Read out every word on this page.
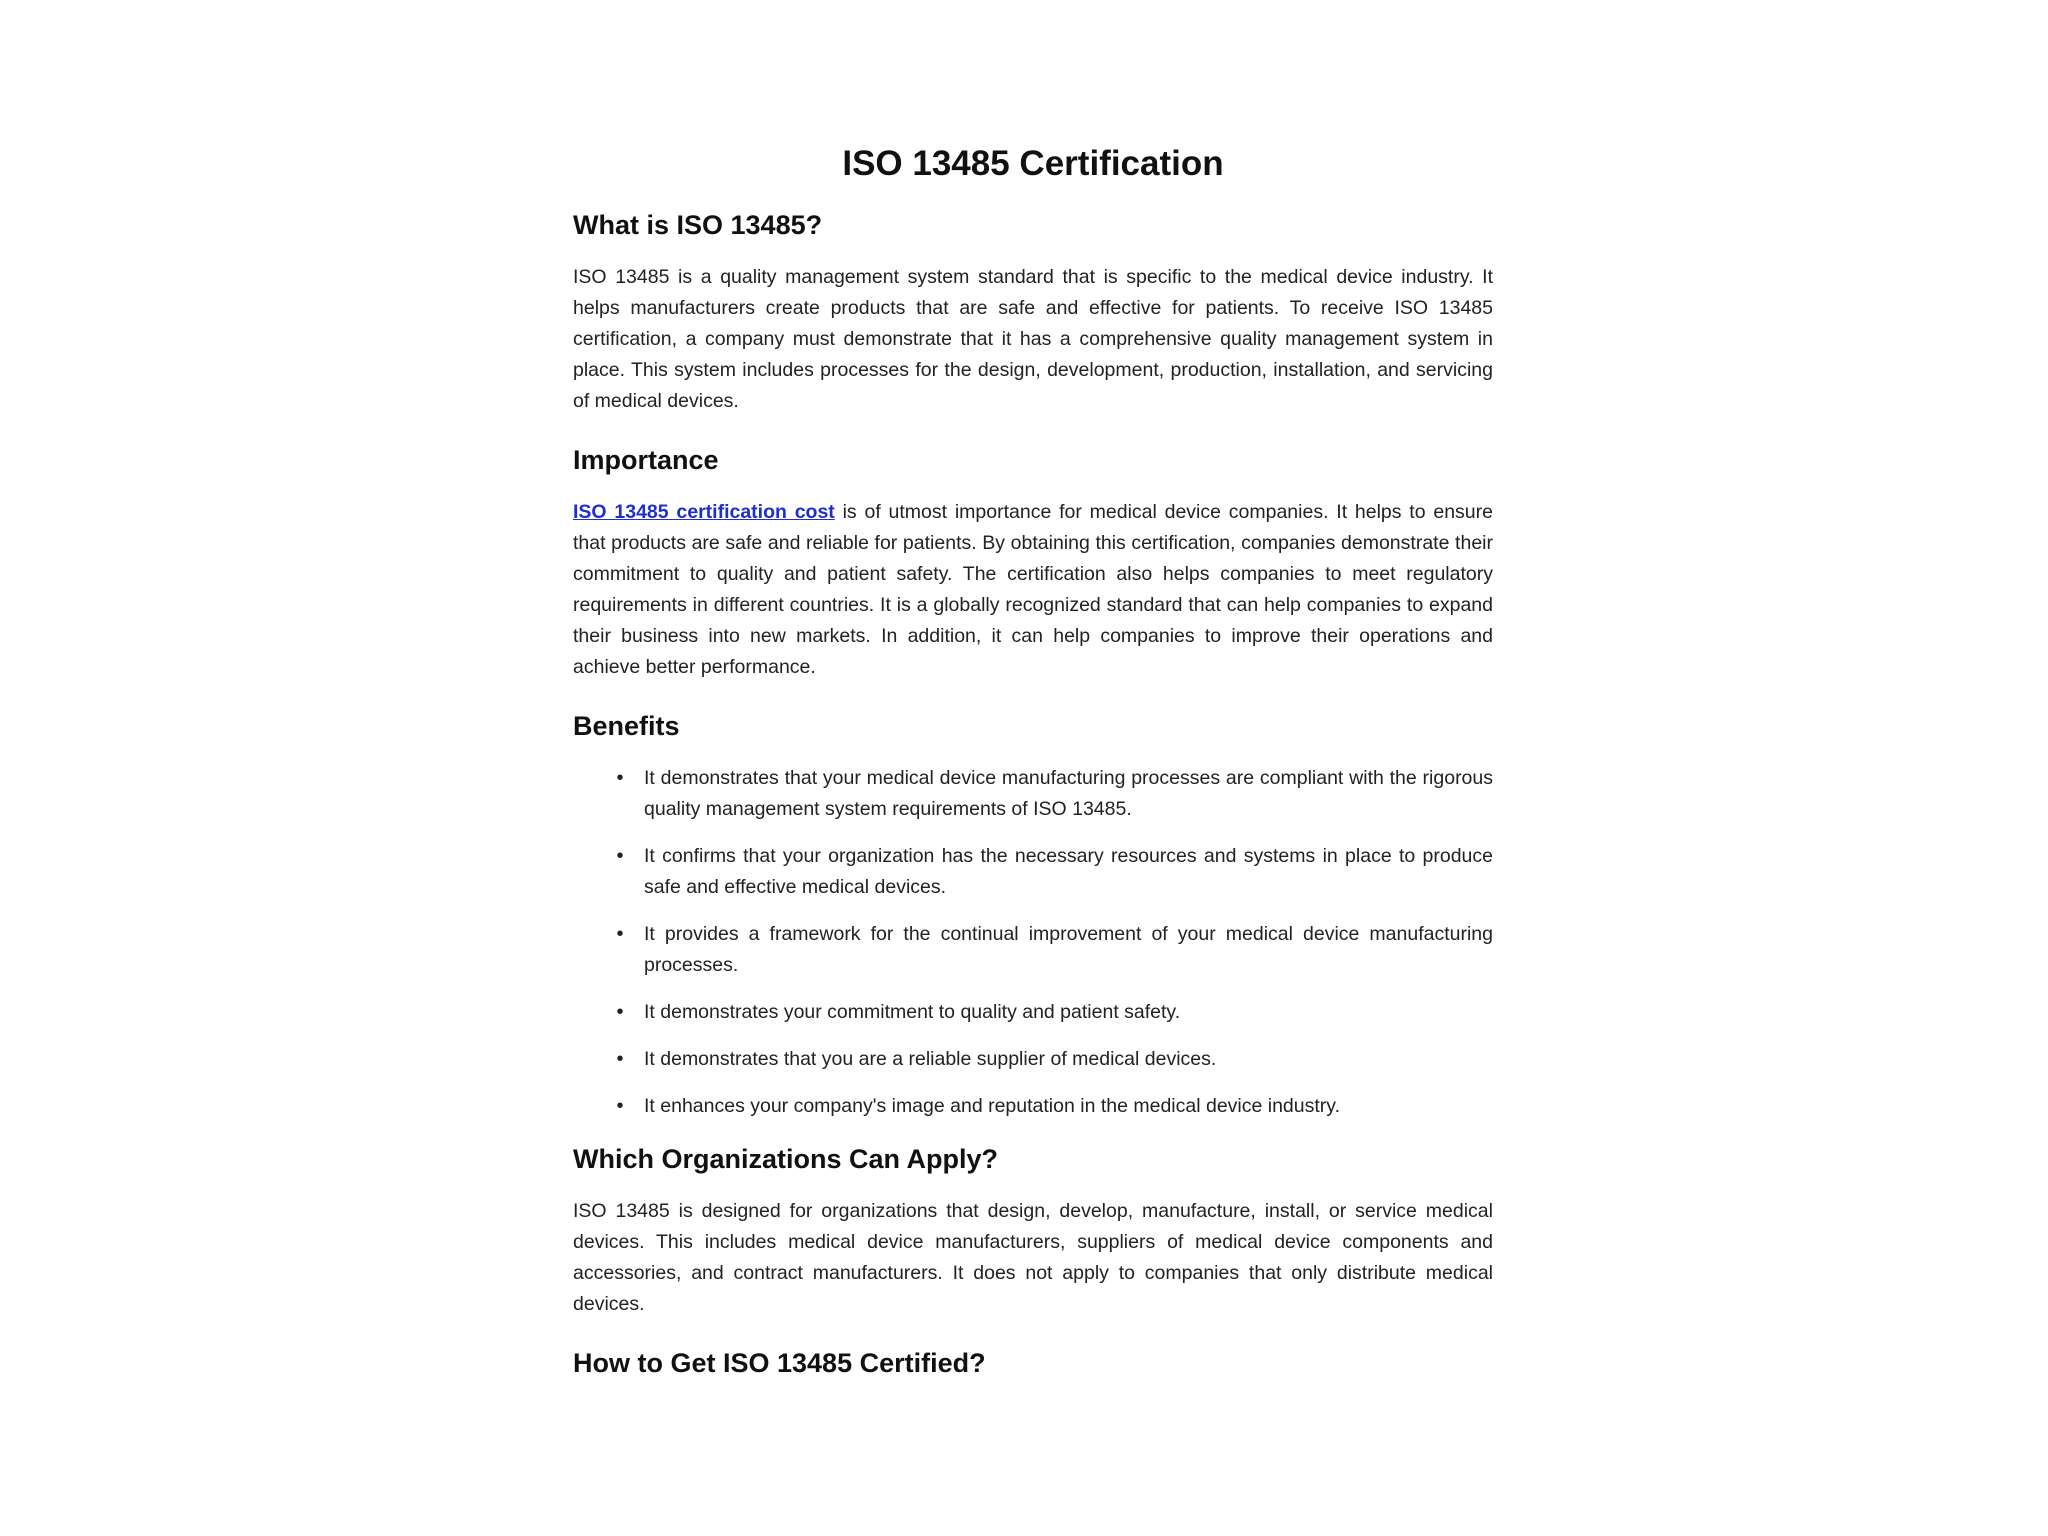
ISO 13485 Certification
What is ISO 13485?

ISO 13485 is a quality management system standard that is specific to the medical device industry. It helps manufacturers create products that are safe and effective for patients. To receive ISO 13485 certification, a company must demonstrate that it has a comprehensive quality management system in place. This system includes processes for the design, development, production, installation, and servicing of medical devices.

Importance

ISO 13485 certification cost is of utmost importance for medical device companies. It helps to ensure that products are safe and reliable for patients. By obtaining this certification, companies demonstrate their commitment to quality and patient safety. The certification also helps companies to meet regulatory requirements in different countries. It is a globally recognized standard that can help companies to expand their business into new markets. In addition, it can help companies to improve their operations and achieve better performance.

Benefits
•	It demonstrates that your medical device manufacturing processes are compliant with the rigorous quality management system requirements of ISO 13485.
•	It confirms that your organization has the necessary resources and systems in place to produce safe and effective medical devices.
•	It provides a framework for the continual improvement of your medical device manufacturing processes.
•	It demonstrates your commitment to quality and patient safety.
•	It demonstrates that you are a reliable supplier of medical devices.
•	It enhances your company's image and reputation in the medical device industry.
Which Organizations Can Apply?

ISO 13485 is designed for organizations that design, develop, manufacture, install, or service medical devices. This includes medical device manufacturers, suppliers of medical device components and accessories, and contract manufacturers. It does not apply to companies that only distribute medical devices.

How to Get ISO 13485 Certified?
